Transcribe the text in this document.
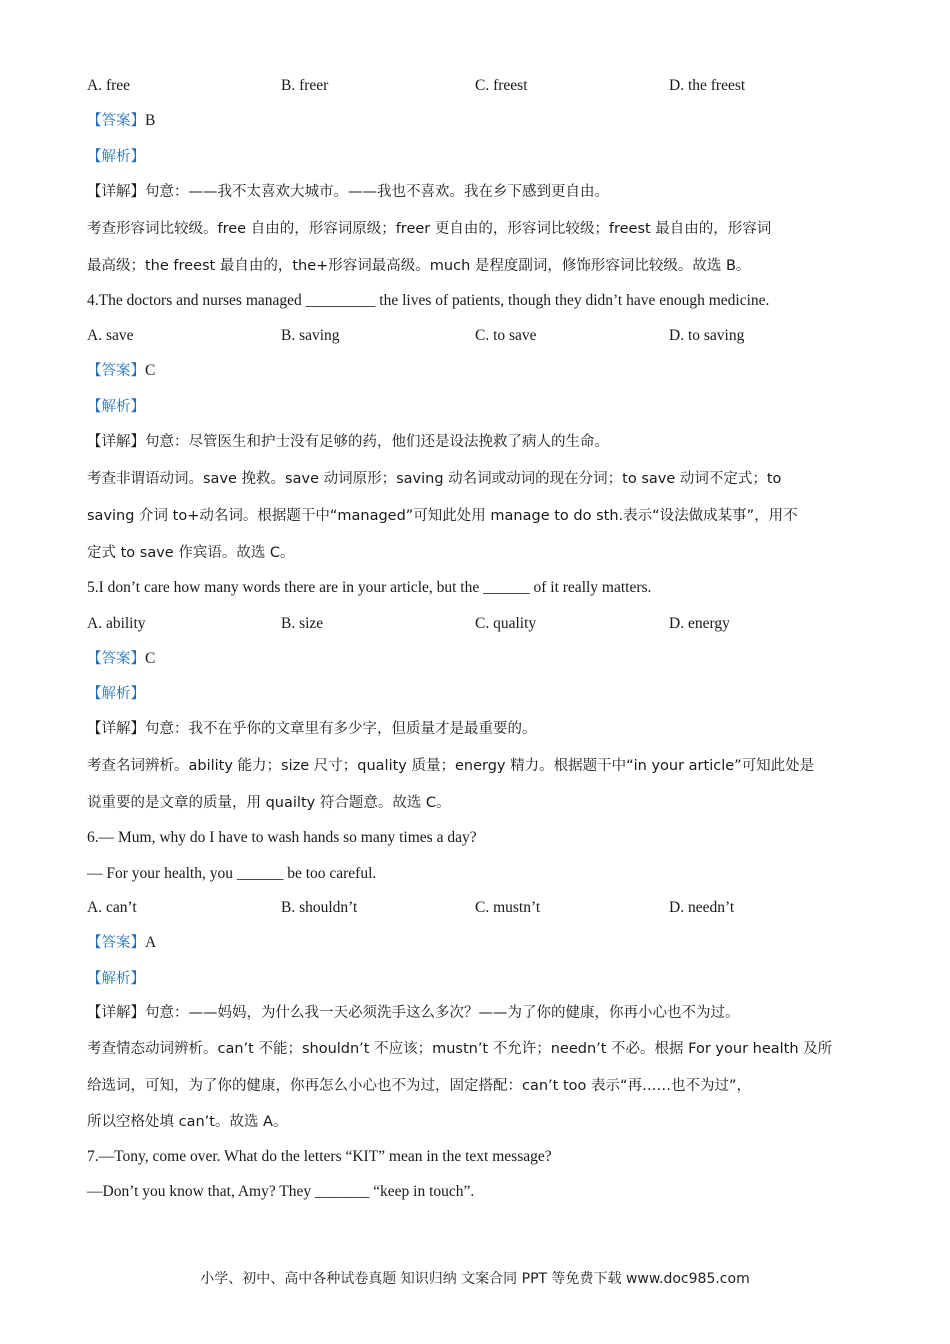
A. free	B. freer	C. freest	D. the freest
【答案】B
【解析】
【详解】句意：——我不太喜欢大城市。——我也不喜欢。我在乡下感到更自由。
考查形容词比较级。free 自由的，形容词原级；freer 更自由的，形容词比较级；freest 最自由的，形容词
最高级；the freest 最自由的，the+形容词最高级。much 是程度副词，修饰形容词比较级。故选 B。
4.The doctors and nurses managed _________ the lives of patients, though they didn’t have enough medicine.
A. save	B. saving	C. to save	D. to saving
【答案】C
【解析】
【详解】句意：尽管医生和护士没有足够的药，他们还是设法挽救了病人的生命。
考查非谓语动词。save 挽救。save 动词原形；saving 动名词或动词的现在分词；to save 动词不定式；to
saving 介词 to+动名词。根据题干中“managed”可知此处用 manage to do sth.表示“设法做成某事”，用不
定式 to save 作宾语。故选 C。
5.I don’t care how many words there are in your article, but the ______ of it really matters.
A. ability	B. size	C. quality	D. energy
【答案】C
【解析】
【详解】句意：我不在乎你的文章里有多少字，但质量才是最重要的。
考查名词辨析。ability 能力；size 尺寸；quality 质量；energy 精力。根据题干中“in your article”可知此处是
说重要的是文章的质量，用 quailty 符合题意。故选 C。
6.— Mum, why do I have to wash hands so many times a day?
— For your health, you ______ be too careful.
A. can’t	B. shouldn’t	C. mustn’t	D. needn’t
【答案】A
【解析】
【详解】句意：——妈妈，为什么我一天必须洗手这么多次？——为了你的健康，你再小心也不为过。
考查情态动词辨析。can’t 不能；shouldn’t 不应该；mustn’t 不允许；needn’t 不必。根据 For your health 及所
给选词，可知，为了你的健康，你再怎么小心也不为过，固定搭配：can’t too 表示“再……也不为过”，
所以空格处填 can’t。故选 A。
7.—Tony, come over. What do the letters “KIT” mean in the text message?
—Don’t you know that, Amy? They _______ “keep in touch”.
小学、初中、高中各种试卷真题 知识归纳 文案合同 PPT 等免费下载 www.doc985.com
